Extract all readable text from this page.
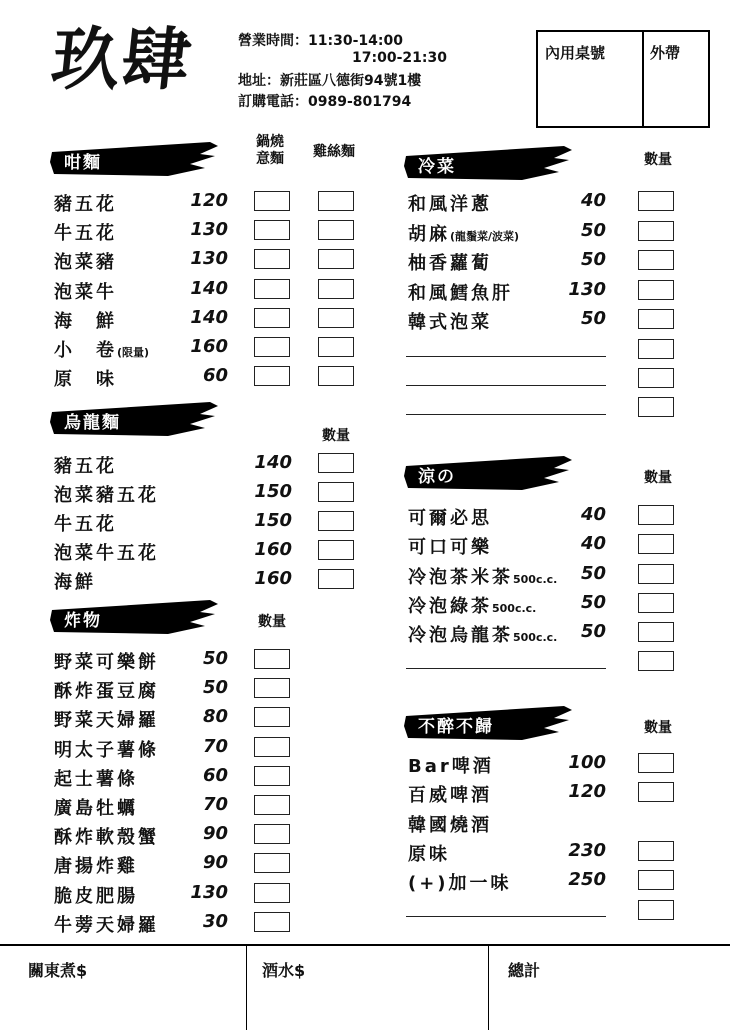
玖肆	營業時間：11:30-14:00
17:00-21:30
地址：新莊區八德街94號1樓
訂購電話：0989-801794
內用桌號	外帶
咁麵
鍋燒意麵	雞絲麵
烏龍麵
數量
炸物	數量
冷菜	數量
涼の	數量
不醉不歸	數量
關東煮$	酒水$	總計
豬五花	120
牛五花	130
泡菜豬	130
泡菜牛	140
海　鮮	140
小　卷(限量) 160
原　味	60
豬五花	140
泡菜豬五花	150
牛五花	150
泡菜牛五花	160
海鮮	160
野菜可樂餅	50
酥炸蛋豆腐	50
野菜天婦羅	80
明太子薯條	70
起士薯條	60
廣島牡蠣	70
酥炸軟殼蟹	90
唐揚炸雞	90
脆皮肥腸	130
牛蒡天婦羅	30
和風洋蔥	40
胡麻(龍鬚菜/波菜)	50
柚香蘿蔔	50
和風鱈魚肝	130
韓式泡菜	50
可爾必思	40
可口可樂	40
冷泡茶米茶500c.c.	50
冷泡綠茶500c.c.	50
冷泡烏龍茶500c.c.	50
Bar啤酒	100
百威啤酒	120
韓國燒酒
原味	230
(+)加一味	250
